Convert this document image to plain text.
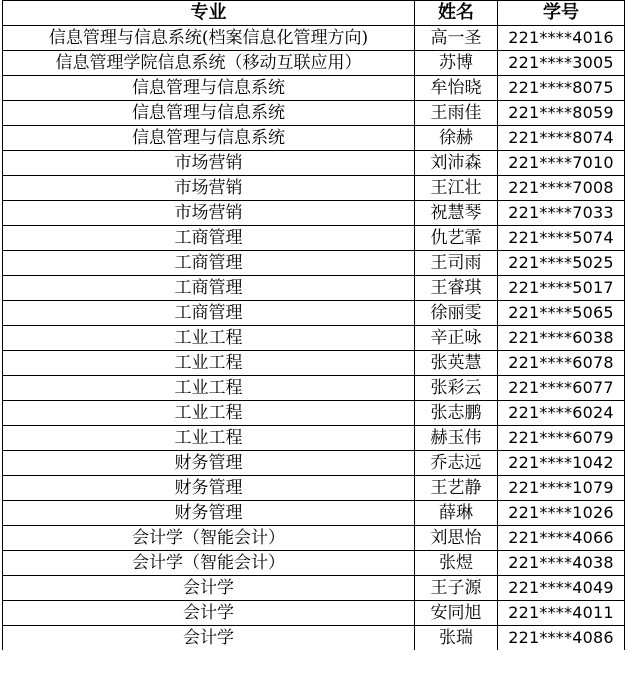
专业	姓名	学号
信息管理与信息系统(档案信息化管理方向)	高一圣	221****4016
信息管理学院信息系统（移动互联应用）	苏博	221****3005
信息管理与信息系统	牟怡晓	221****8075
信息管理与信息系统	王雨佳	221****8059
信息管理与信息系统	徐赫	221****8074
市场营销	刘沛森	221****7010
市场营销	王江壮	221****7008
市场营销	祝慧琴	221****7033
工商管理	仇艺霏	221****5074
工商管理	王司雨	221****5025
工商管理	王睿琪	221****5017
工商管理	徐丽雯	221****5065
工业工程	辛正咏	221****6038
工业工程	张英慧	221****6078
工业工程	张彩云	221****6077
工业工程	张志鹏	221****6024
工业工程	赫玉伟	221****6079
财务管理	乔志远	221****1042
财务管理	王艺静	221****1079
财务管理	薛琳	221****1026
会计学（智能会计）	刘思怡	221****4066
会计学（智能会计）	张煜	221****4038
会计学	王子源	221****4049
会计学	安同旭	221****4011
会计学	张瑞	221****4086
